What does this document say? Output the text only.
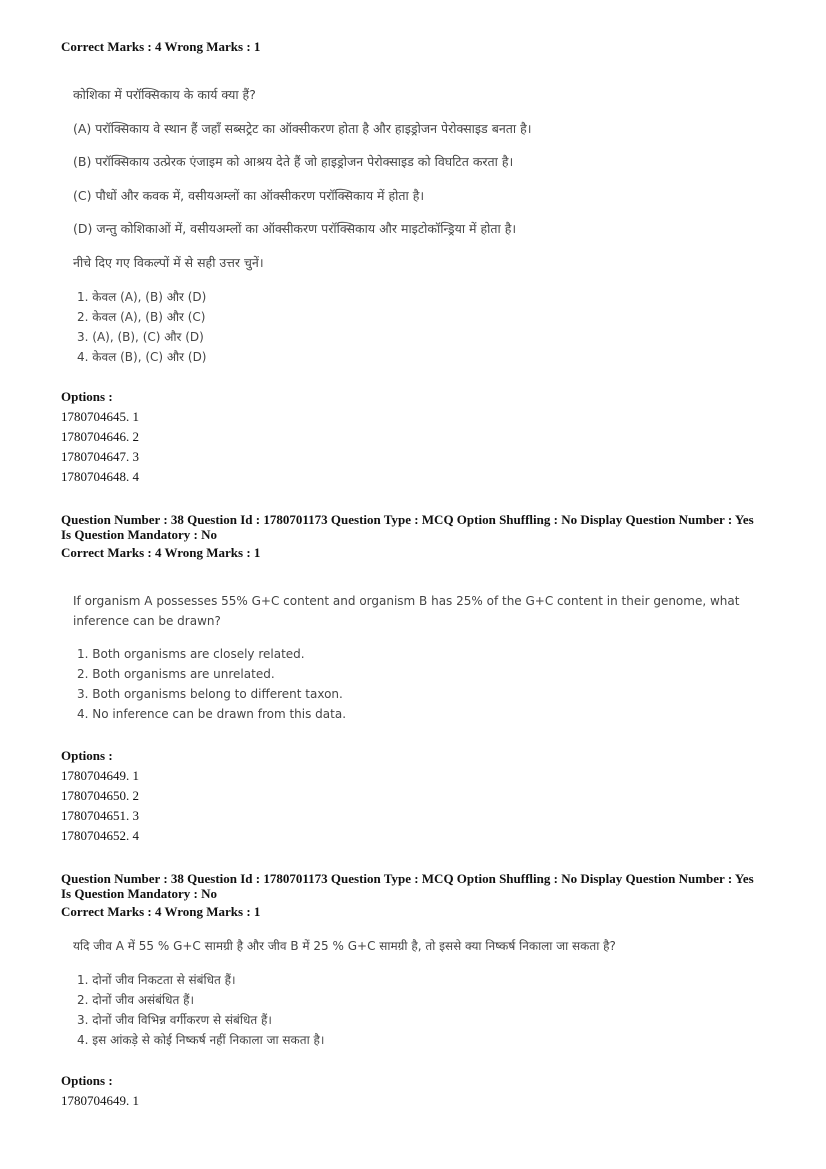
Correct Marks : 4 Wrong Marks : 1
कोशिका में परॉक्सिकाय के कार्य क्या हैं?
(A) परॉक्सिकाय वे स्थान हैं जहाँ सब्सट्रेट का ऑक्सीकरण होता है और हाइड्रोजन पेरोक्साइड बनता है।
(B) परॉक्सिकाय उत्प्रेरक एंजाइम को आश्रय देते हैं जो हाइड्रोजन पेरोक्साइड को विघटित करता है।
(C) पौधों और कवक में, वसीयअम्लों का ऑक्सीकरण परॉक्सिकाय में होता है।
(D) जन्तु कोशिकाओं में, वसीयअम्लों का ऑक्सीकरण परॉक्सिकाय और माइटोकॉन्ड्रिया में होता है।
नीचे दिए गए विकल्पों में से सही उत्तर चुनें।
1. केवल (A), (B) और (D)
2. केवल (A), (B) और (C)
3. (A), (B), (C) और (D)
4. केवल (B), (C) और (D)
Options :
1780704645. 1
1780704646. 2
1780704647. 3
1780704648. 4
Question Number : 38 Question Id : 1780701173 Question Type : MCQ Option Shuffling : No Display Question Number : Yes
Is Question Mandatory : No
Correct Marks : 4 Wrong Marks : 1
If organism A possesses 55% G+C content and organism B has 25% of the G+C content in their genome, what
inference can be drawn?
1. Both organisms are closely related.
2. Both organisms are unrelated.
3. Both organisms belong to different taxon.
4. No inference can be drawn from this data.
Options :
1780704649. 1
1780704650. 2
1780704651. 3
1780704652. 4
Question Number : 38 Question Id : 1780701173 Question Type : MCQ Option Shuffling : No Display Question Number : Yes
Is Question Mandatory : No
Correct Marks : 4 Wrong Marks : 1
यदि जीव A में 55 % G+C सामग्री है और जीव B में 25 % G+C सामग्री है, तो इससे क्या निष्कर्ष निकाला जा सकता है?
1. दोनों जीव निकटता से संबंधित हैं।
2. दोनों जीव असंबंधित हैं।
3. दोनों जीव विभिन्न वर्गीकरण से संबंधित हैं।
4. इस आंकड़े से कोई निष्कर्ष नहीं निकाला जा सकता है।
Options :
1780704649. 1
